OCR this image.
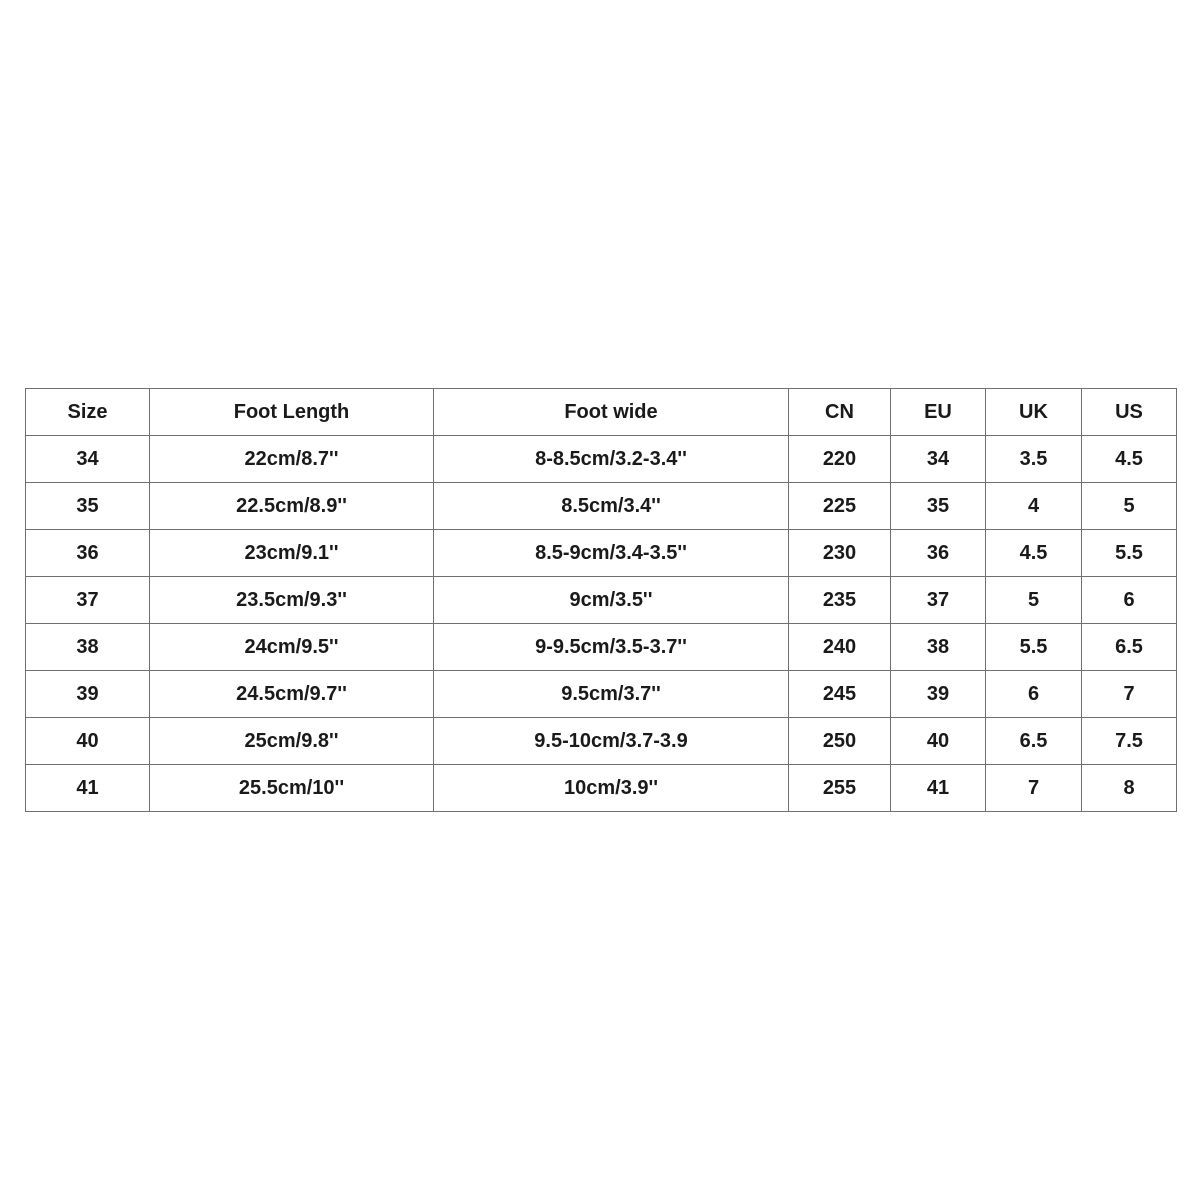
Size	Foot Length	Foot wide	CN	EU	UK	US
34	22cm/8.7''	8-8.5cm/3.2-3.4''	220	34	3.5	4.5
35	22.5cm/8.9''	8.5cm/3.4''	225	35	4	5
36	23cm/9.1''	8.5-9cm/3.4-3.5''	230	36	4.5	5.5
37	23.5cm/9.3''	9cm/3.5''	235	37	5	6
38	24cm/9.5''	9-9.5cm/3.5-3.7''	240	38	5.5	6.5
39	24.5cm/9.7''	9.5cm/3.7''	245	39	6	7
40	25cm/9.8''	9.5-10cm/3.7-3.9	250	40	6.5	7.5
41	25.5cm/10''	10cm/3.9''	255	41	7	8
